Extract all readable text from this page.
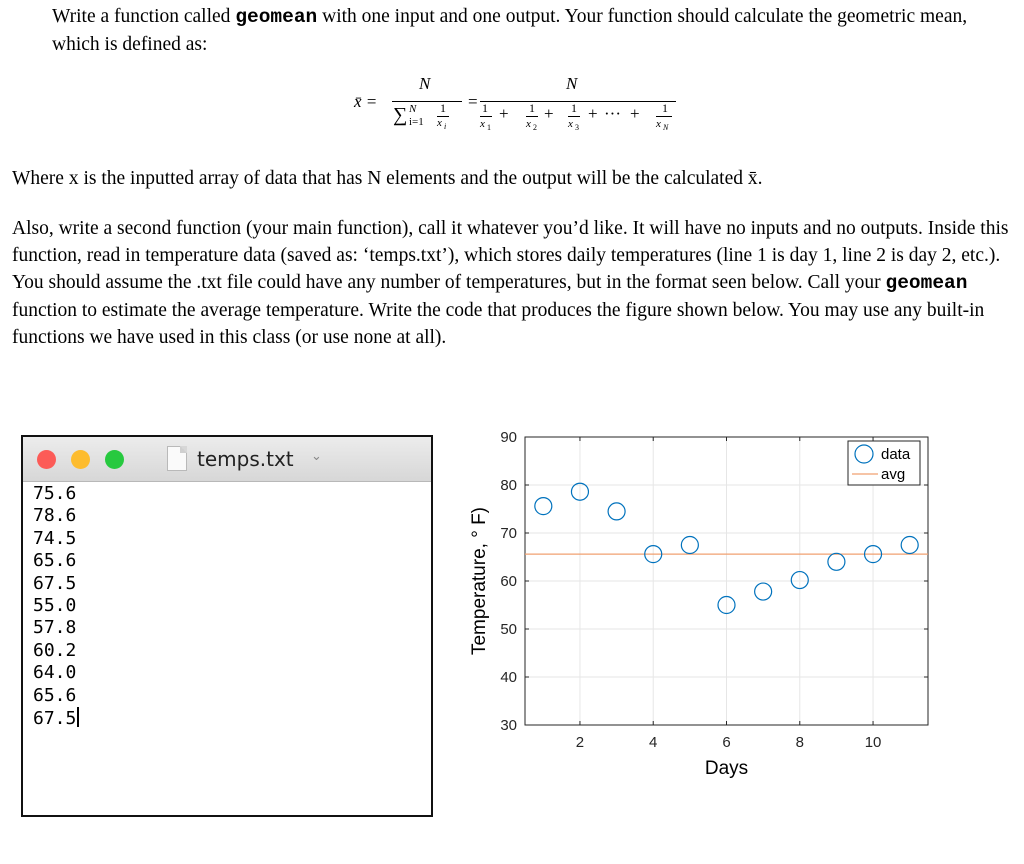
Write a function called geomean with one input and one output. Your function should calculate the geometric mean, which is defined as:

x̄ =
N
∑ N
i=1
1
x i
=
N
1
x 1
+ 1
x 2
+ 1
x 3
+ ··· + 1
x N

Where x is the inputted array of data that has N elements and the output will be the calculated x̄.

Also, write a second function (your main function), call it whatever you’d like. It will have no inputs and no outputs. Inside this function, read in temperature data (saved as: ‘temps.txt’), which stores daily temperatures (line 1 is day 1, line 2 is day 2, etc.). You should assume the .txt file could have any number of temperatures, but in the format seen below. Call your geomean function to estimate the average temperature. Write the code that produces the figure shown below. You may use any built-in functions we have used in this class (or use none at all).

temps.txt ⌄
75.6
78.6
74.5
65.6
67.5
55.0
57.8
60.2
64.0
65.6
67.5
2	4	6	8	10
30
40
50
60
70
80
90
Days
Temperature, ° F)
data
avg
